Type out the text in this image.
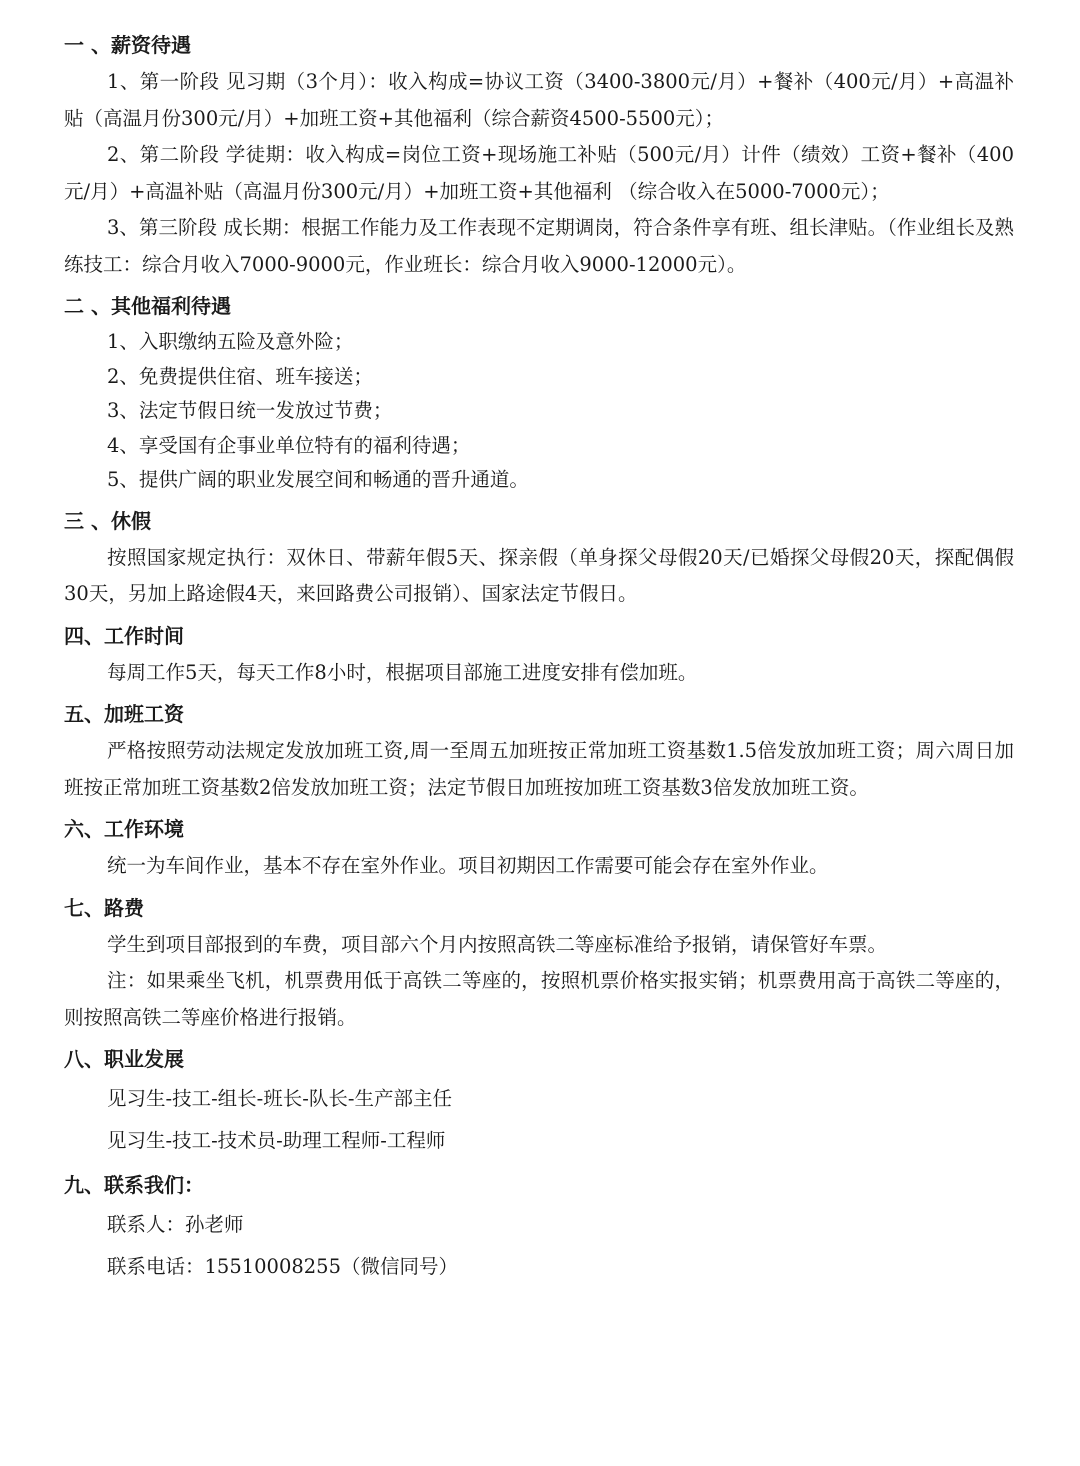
一 、薪资待遇

1、第一阶段 见习期（3个月）：收入构成=协议工资（3400-3800元/月）+餐补（400元/月）+高温补贴（高温月份300元/月）+加班工资+其他福利（综合薪资4500-5500元）；

2、第二阶段 学徒期：收入构成=岗位工资+现场施工补贴（500元/月）计件（绩效）工资+餐补（400元/月）+高温补贴（高温月份300元/月）+加班工资+其他福利 （综合收入在5000-7000元）；

3、第三阶段 成长期：根据工作能力及工作表现不定期调岗，符合条件享有班、组长津贴。（作业组长及熟练技工：综合月收入7000-9000元，作业班长：综合月收入9000-12000元）。

二 、其他福利待遇

1、入职缴纳五险及意外险；

2、免费提供住宿、班车接送；

3、法定节假日统一发放过节费；

4、享受国有企事业单位特有的福利待遇；

5、提供广阔的职业发展空间和畅通的晋升通道。

三 、休假

按照国家规定执行：双休日、带薪年假5天、探亲假（单身探父母假20天/已婚探父母假20天，探配偶假30天，另加上路途假4天，来回路费公司报销）、国家法定节假日。

四、工作时间

每周工作5天，每天工作8小时，根据项目部施工进度安排有偿加班。

五、加班工资

严格按照劳动法规定发放加班工资,周一至周五加班按正常加班工资基数1.5倍发放加班工资；周六周日加班按正常加班工资基数2倍发放加班工资；法定节假日加班按加班工资基数3倍发放加班工资。

六、工作环境

统一为车间作业，基本不存在室外作业。项目初期因工作需要可能会存在室外作业。

七、路费

学生到项目部报到的车费，项目部六个月内按照高铁二等座标准给予报销，请保管好车票。

注：如果乘坐飞机，机票费用低于高铁二等座的，按照机票价格实报实销；机票费用高于高铁二等座的，则按照高铁二等座价格进行报销。

八、职业发展

见习生-技工-组长-班长-队长-生产部主任

见习生-技工-技术员-助理工程师-工程师

九、联系我们：

联系人：孙老师

联系电话：15510008255（微信同号）
